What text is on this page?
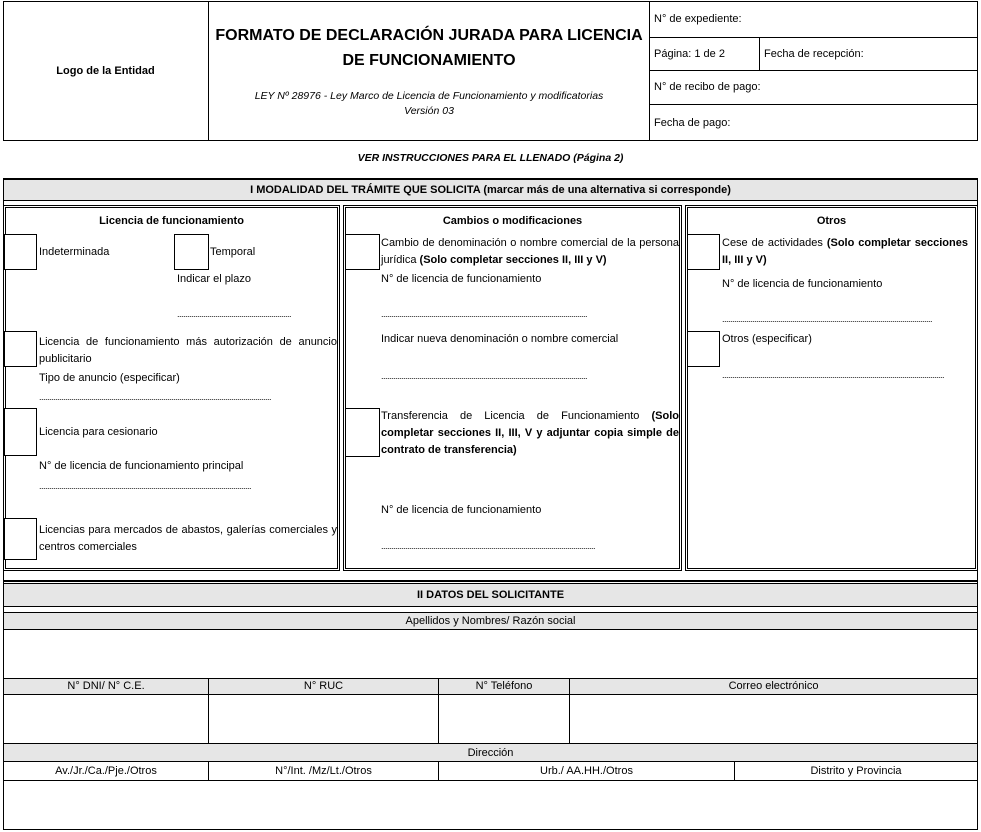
Logo de la Entidad
FORMATO DE DECLARACIÓN JURADA PARA LICENCIA DE FUNCIONAMIENTO
LEY Nº 28976 - Ley Marco de Licencia de Funcionamiento y modificatorias
Versión 03
N° de expediente:
Página: 1 de 2	Fecha de recepción:
N° de recibo de pago:
Fecha de pago:
VER INSTRUCCIONES PARA EL LLENADO (Página 2)
I MODALIDAD DEL TRÁMITE QUE SOLICITA (marcar más de una alternativa si corresponde)
Licencia de funcionamiento
Indeterminada	Temporal
Indicar el plazo
.........................................................
Licencia de funcionamiento más autorización de anuncio publicitario
Tipo de anuncio (especificar)
....................................................................................................................
Licencia para cesionario
N° de licencia de funcionamiento principal
..........................................................................................................
Licencias para mercados de abastos, galerías comerciales y centros comerciales
Cambios o modificaciones
Cambio de denominación o nombre comercial de la persona jurídica (Solo completar secciones II, III y V)
N° de licencia de funcionamiento
.......................................................................................................
Indicar nueva denominación o nombre comercial
.......................................................................................................
Transferencia de Licencia de Funcionamiento (Solo completar secciones II, III, V y adjuntar copia simple de contrato de transferencia)
N° de licencia de funcionamiento
...........................................................................................................
Otros
Cese de actividades (Solo completar secciones II, III y V)
N° de licencia de funcionamiento
.........................................................................................................
Otros (especificar)
...............................................................................................................
II DATOS DEL SOLICITANTE
Apellidos y Nombres/ Razón social
N° DNI/ N° C.E.	N° RUC	N° Teléfono	Correo electrónico
Dirección
Av./Jr./Ca./Pje./Otros	N°/Int. /Mz/Lt./Otros	Urb./ AA.HH./Otros	Distrito y Provincia
